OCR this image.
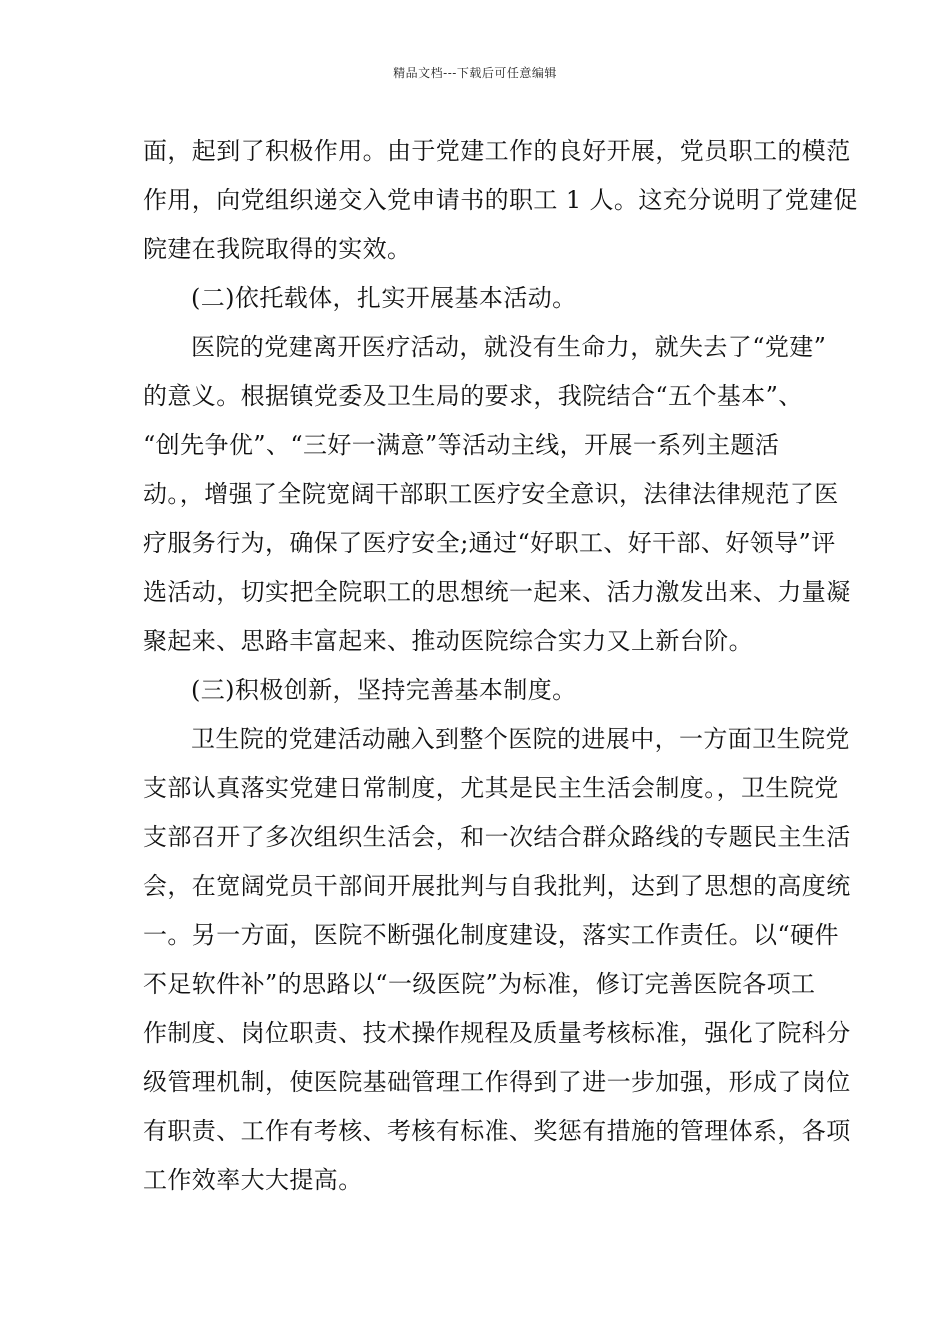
精品文档---下载后可任意编辑
面，起到了积极作用。由于党建工作的良好开展，党员职工的模范
作用，向党组织递交入党申请书的职工 1 人。这充分说明了党建促
院建在我院取得的实效。
(二)依托载体，扎实开展基本活动。
医院的党建离开医疗活动，就没有生命力，就失去了“党建”
的意义。根据镇党委及卫生局的要求，我院结合“五个基本”、
“创先争优”、“三好一满意”等活动主线，开展一系列主题活
动。，增强了全院宽阔干部职工医疗安全意识，法律法律规范了医
疗服务行为，确保了医疗安全;通过“好职工、好干部、好领导”评
选活动，切实把全院职工的思想统一起来、活力激发出来、力量凝
聚起来、思路丰富起来、推动医院综合实力又上新台阶。
(三)积极创新，坚持完善基本制度。
卫生院的党建活动融入到整个医院的进展中，一方面卫生院党
支部认真落实党建日常制度，尤其是民主生活会制度。，卫生院党
支部召开了多次组织生活会，和一次结合群众路线的专题民主生活
会，在宽阔党员干部间开展批判与自我批判，达到了思想的高度统
一。另一方面，医院不断强化制度建设，落实工作责任。以“硬件
不足软件补”的思路以“一级医院”为标准，修订完善医院各项工
作制度、岗位职责、技术操作规程及质量考核标准，强化了院科分
级管理机制，使医院基础管理工作得到了进一步加强，形成了岗位
有职责、工作有考核、考核有标准、奖惩有措施的管理体系，各项
工作效率大大提高。
